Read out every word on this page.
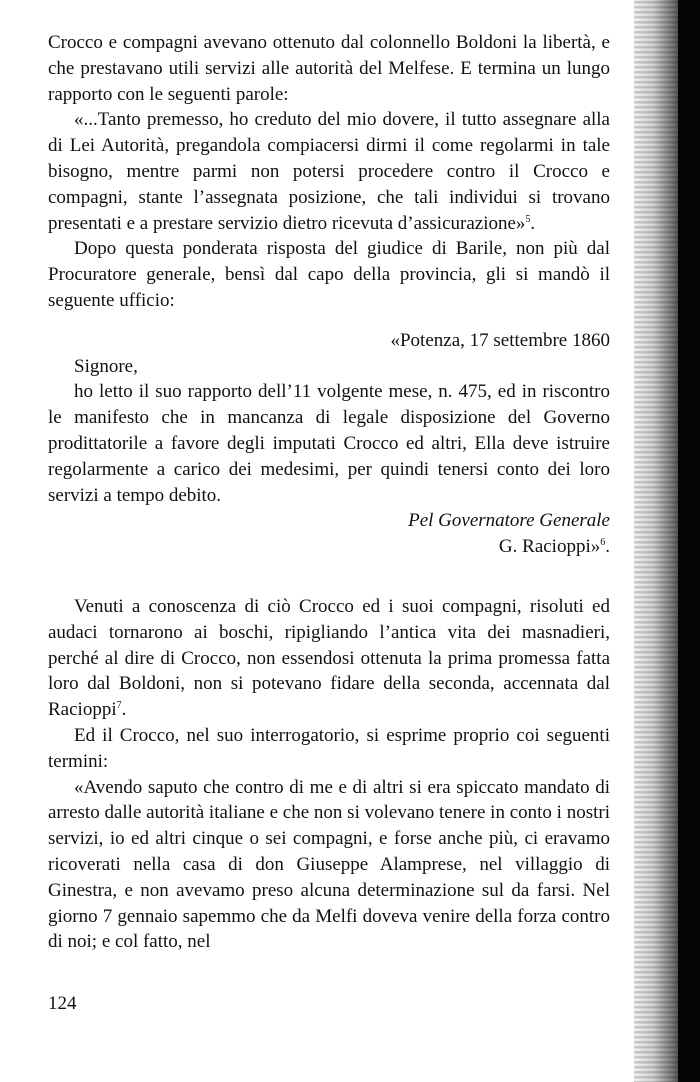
Crocco e compagni avevano ottenuto dal colonnello Boldoni la libertà, e che prestavano utili servizi alle autorità del Melfese. E termina un lungo rapporto con le seguenti parole:

«...Tanto premesso, ho creduto del mio dovere, il tutto assegnare alla di Lei Autorità, pregandola compiacersi dirmi il come regolarmi in tale bisogno, mentre parmi non potersi procedere contro il Crocco e compagni, stante l’assegnata posizione, che tali individui si trovano presentati e a prestare servizio dietro ricevuta d’assicurazione»$^5$.

Dopo questa ponderata risposta del giudice di Barile, non più dal Procuratore generale, bensì dal capo della provincia, gli si mandò il seguente ufficio:

«Potenza, 17 settembre 1860

Signore,

ho letto il suo rapporto dell’11 volgente mese, n. 475, ed in riscontro le manifesto che in mancanza di legale disposizione del Governo prodittatorile a favore degli imputati Crocco ed altri, Ella deve istruire regolarmente a carico dei medesimi, per quindi tenersi conto dei loro servizi a tempo debito.

Pel Governatore Generale

G. Racioppi»$^6$.

Venuti a conoscenza di ciò Crocco ed i suoi compagni, risoluti ed audaci tornarono ai boschi, ripigliando l’antica vita dei masnadieri, perché al dire di Crocco, non essendosi ottenuta la prima promessa fatta loro dal Boldoni, non si potevano fidare della seconda, accennata dal Racioppi$^7$.

Ed il Crocco, nel suo interrogatorio, si esprime proprio coi seguenti termini:

«Avendo saputo che contro di me e di altri si era spiccato mandato di arresto dalle autorità italiane e che non si volevano tenere in conto i nostri servizi, io ed altri cinque o sei compagni, e forse anche più, ci eravamo ricoverati nella casa di don Giuseppe Alamprese, nel villaggio di Ginestra, e non avevamo preso alcuna determinazione sul da farsi. Nel giorno 7 gennaio sapemmo che da Melfi doveva venire della forza contro di noi; e col fatto, nel

124
